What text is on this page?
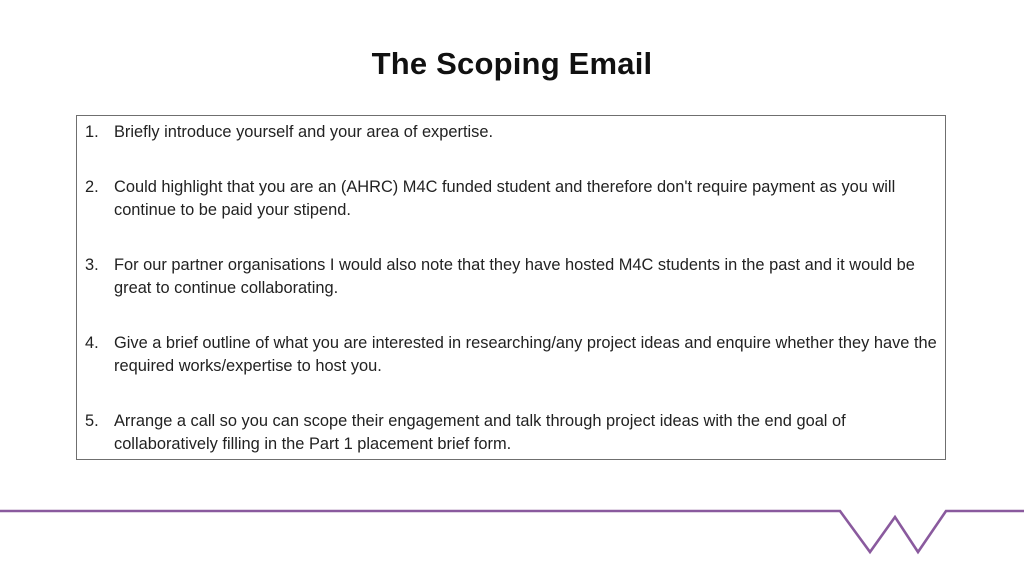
The Scoping Email
1. Briefly introduce yourself and your area of expertise.
2. Could highlight that you are an (AHRC) M4C funded student and therefore don't require payment as you will continue to be paid your stipend.
3. For our partner organisations I would also note that they have hosted M4C students in the past and it would be great to continue collaborating.
4. Give a brief outline of what you are interested in researching/any project ideas and enquire whether they have the required works/expertise to host you.
5. Arrange a call so you can scope their engagement and talk through project ideas with the end goal of collaboratively filling in the Part 1 placement brief form.
